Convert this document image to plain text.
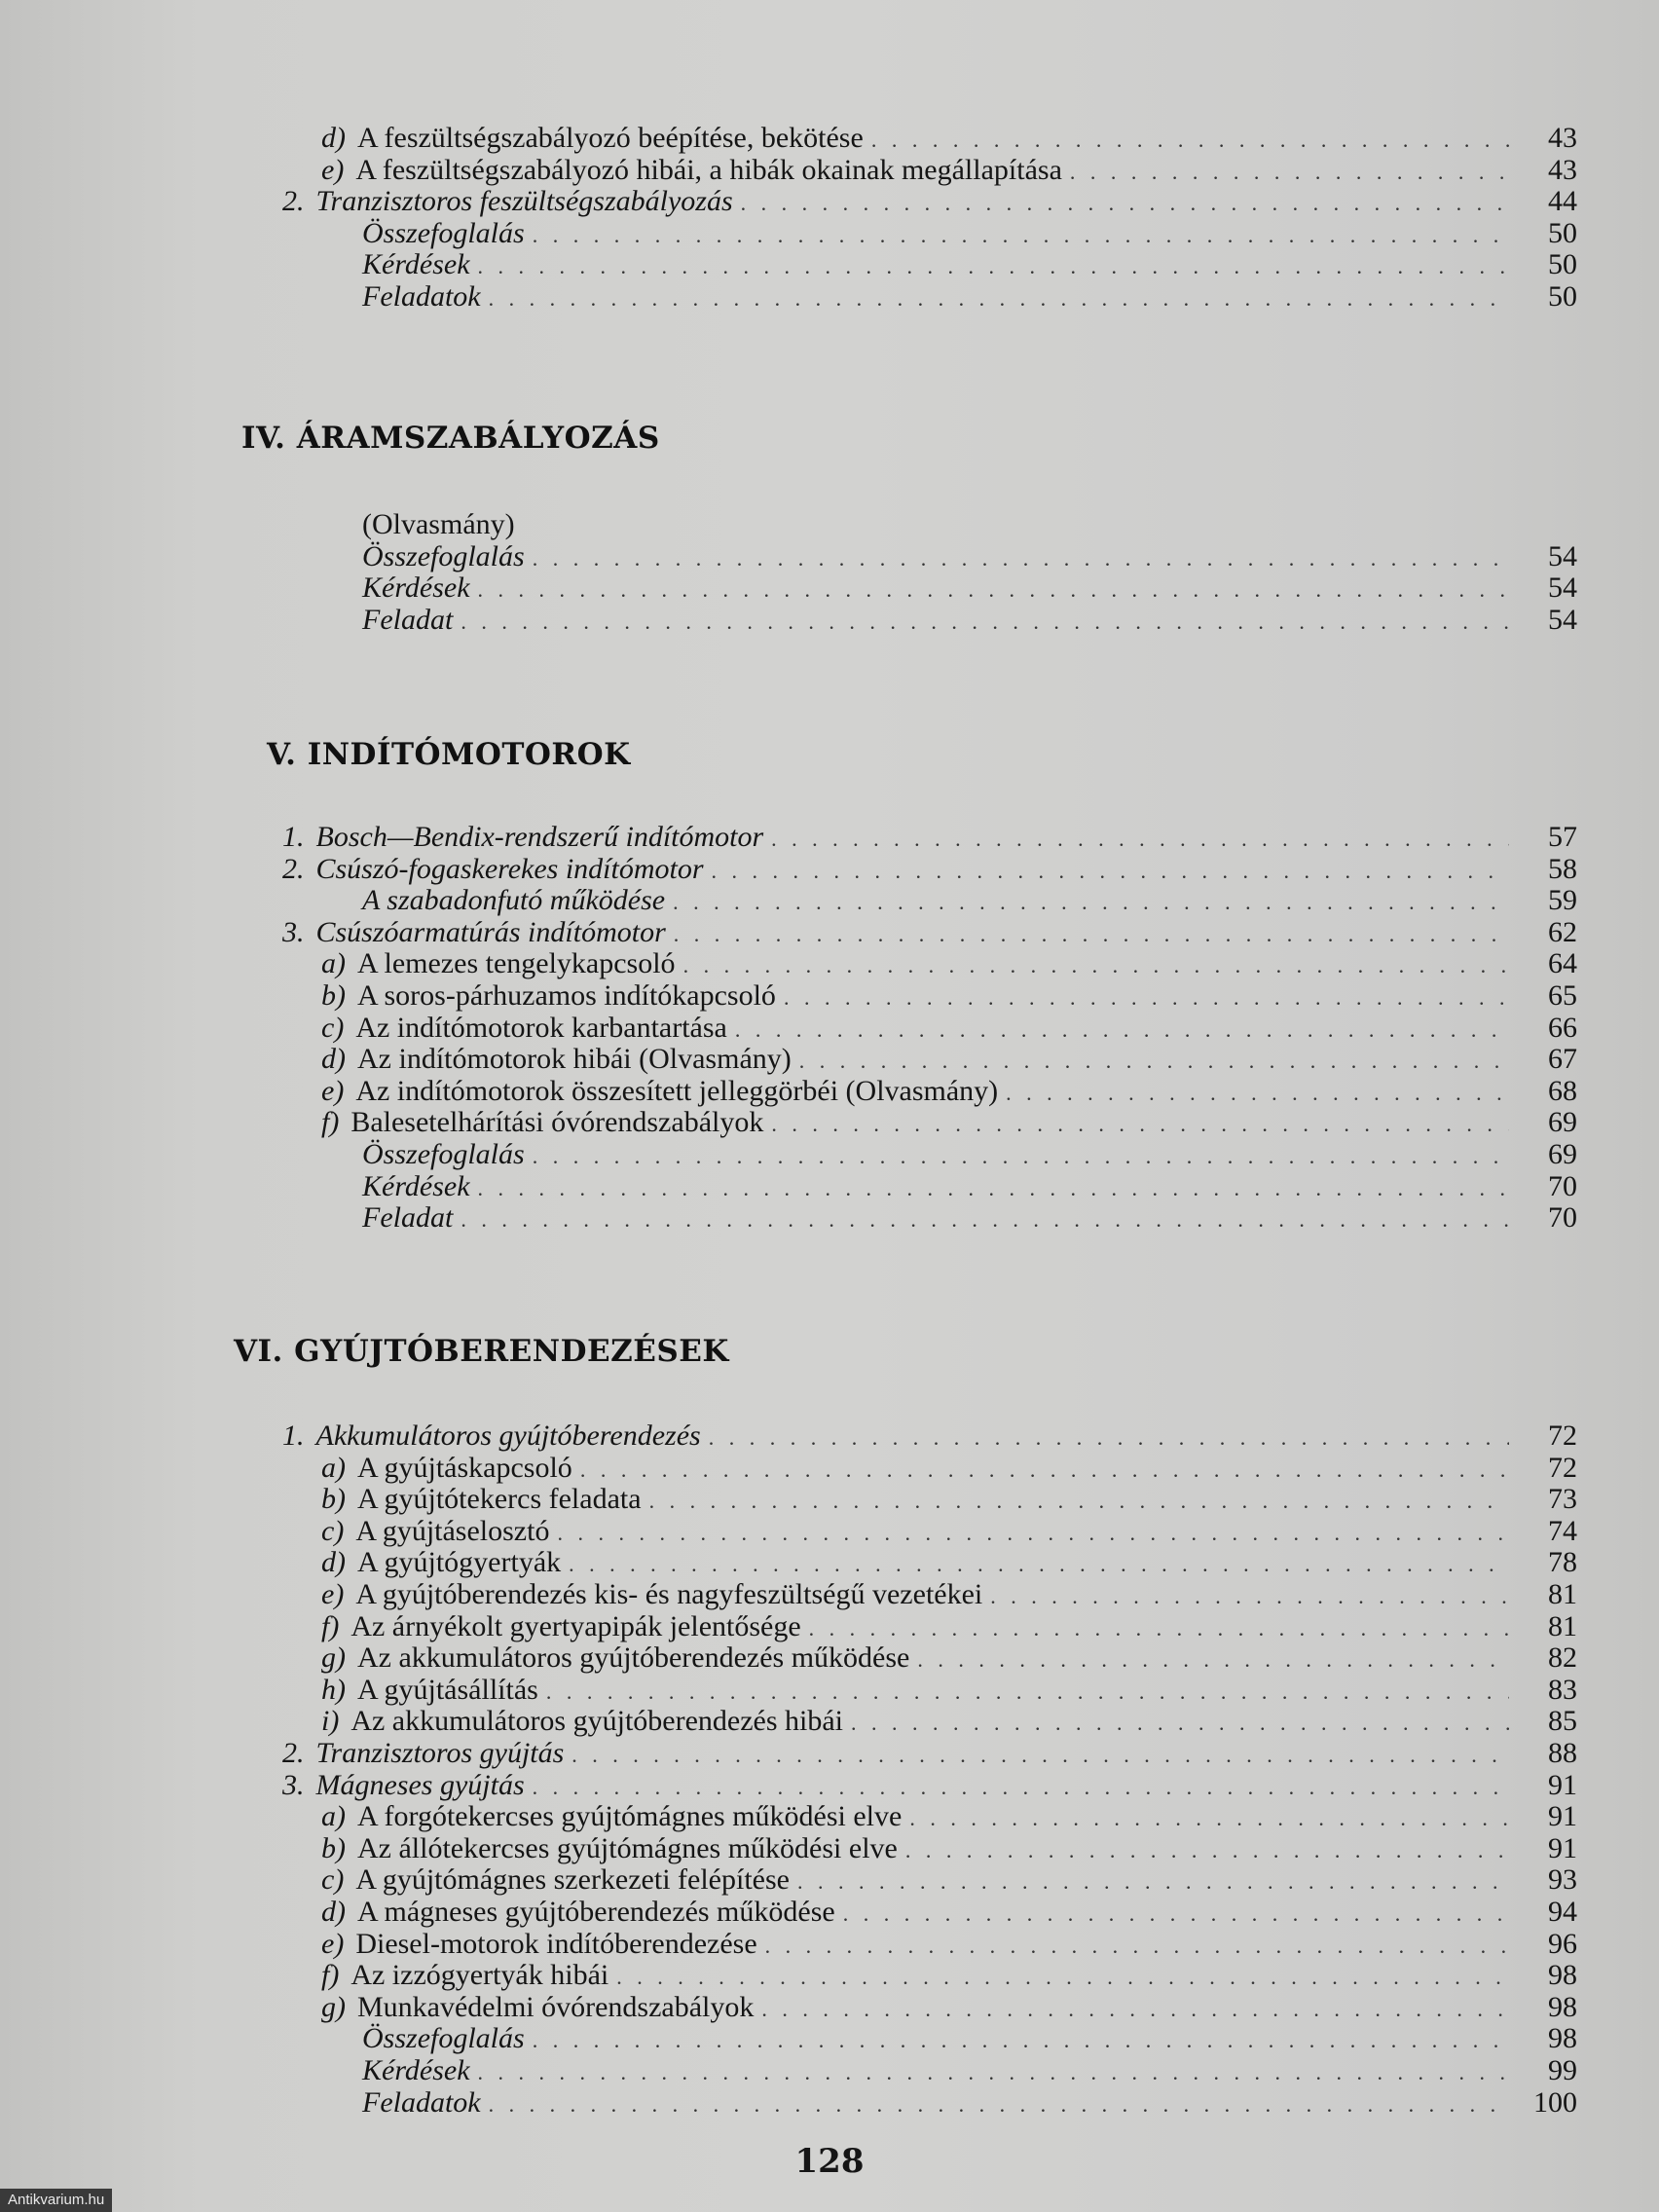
d) A feszültségszabályozó beépítése, bekötése . . .	43
e) A feszültségszabályozó hibái, a hibák okainak megállapítása . . .	43
2. Tranzisztoros feszültségszabályozás . . .	44
Összefoglalás . . .	50
Kérdések . . .	50
Feladatok . . .	50
IV. ÁRAMSZABÁLYOZÁS
(Olvasmány)
Összefoglalás . . .	54
Kérdések . . .	54
Feladat . . .	54
V. INDÍTÓMOTOROK
1. Bosch—Bendix-rendszerű indítómotor . . .	57
2. Csúszó-fogaskerekes indítómotor . . .	58
A szabadonfutó működése . . .	59
3. Csúszóarmatúrás indítómotor . . .	62
a) A lemezes tengelykapcsoló . . .	64
b) A soros-párhuzamos indítókapcsoló . . .	65
c) Az indítómotorok karbantartása . . .	66
d) Az indítómotorok hibái (Olvasmány) . . .	67
e) Az indítómotorok összesített jelleggörbéi (Olvasmány) . . .	68
f) Balesetelhárítási óvórendszabályok . . .	69
Összefoglalás . . .	69
Kérdések . . .	70
Feladat . . .	70
VI. GYÚJTÓBERENDEZÉSEK
1. Akkumulátoros gyújtóberendezés . . .	72
a) A gyújtáskapcsoló . . .	72
b) A gyújtótekercs feladata . . .	73
c) A gyújtáselosztó . . .	74
d) A gyújtógyertyák . . .	78
e) A gyújtóberendezés kis- és nagyfeszültségű vezetékei . . .	81
f) Az árnyékolt gyertyapipák jelentősége . . .	81
g) Az akkumulátoros gyújtóberendezés működése . . .	82
h) A gyújtásállítás . . .	83
i) Az akkumulátoros gyújtóberendezés hibái . . .	85
2. Tranzisztoros gyújtás . . .	88
3. Mágneses gyújtás . . .	91
a) A forgótekercses gyújtómágnes működési elve . . .	91
b) Az állótekercses gyújtómágnes működési elve . . .	91
c) A gyújtómágnes szerkezeti felépítése . . .	93
d) A mágneses gyújtóberendezés működése . . .	94
e) Diesel-motorok indítóberendezése . . .	96
f) Az izzógyertyák hibái . . .	98
g) Munkavédelmi óvórendszabályok . . .	98
Összefoglalás . . .	98
Kérdések . . .	99
Feladatok . . .	100
128
Antikvarium.hu
